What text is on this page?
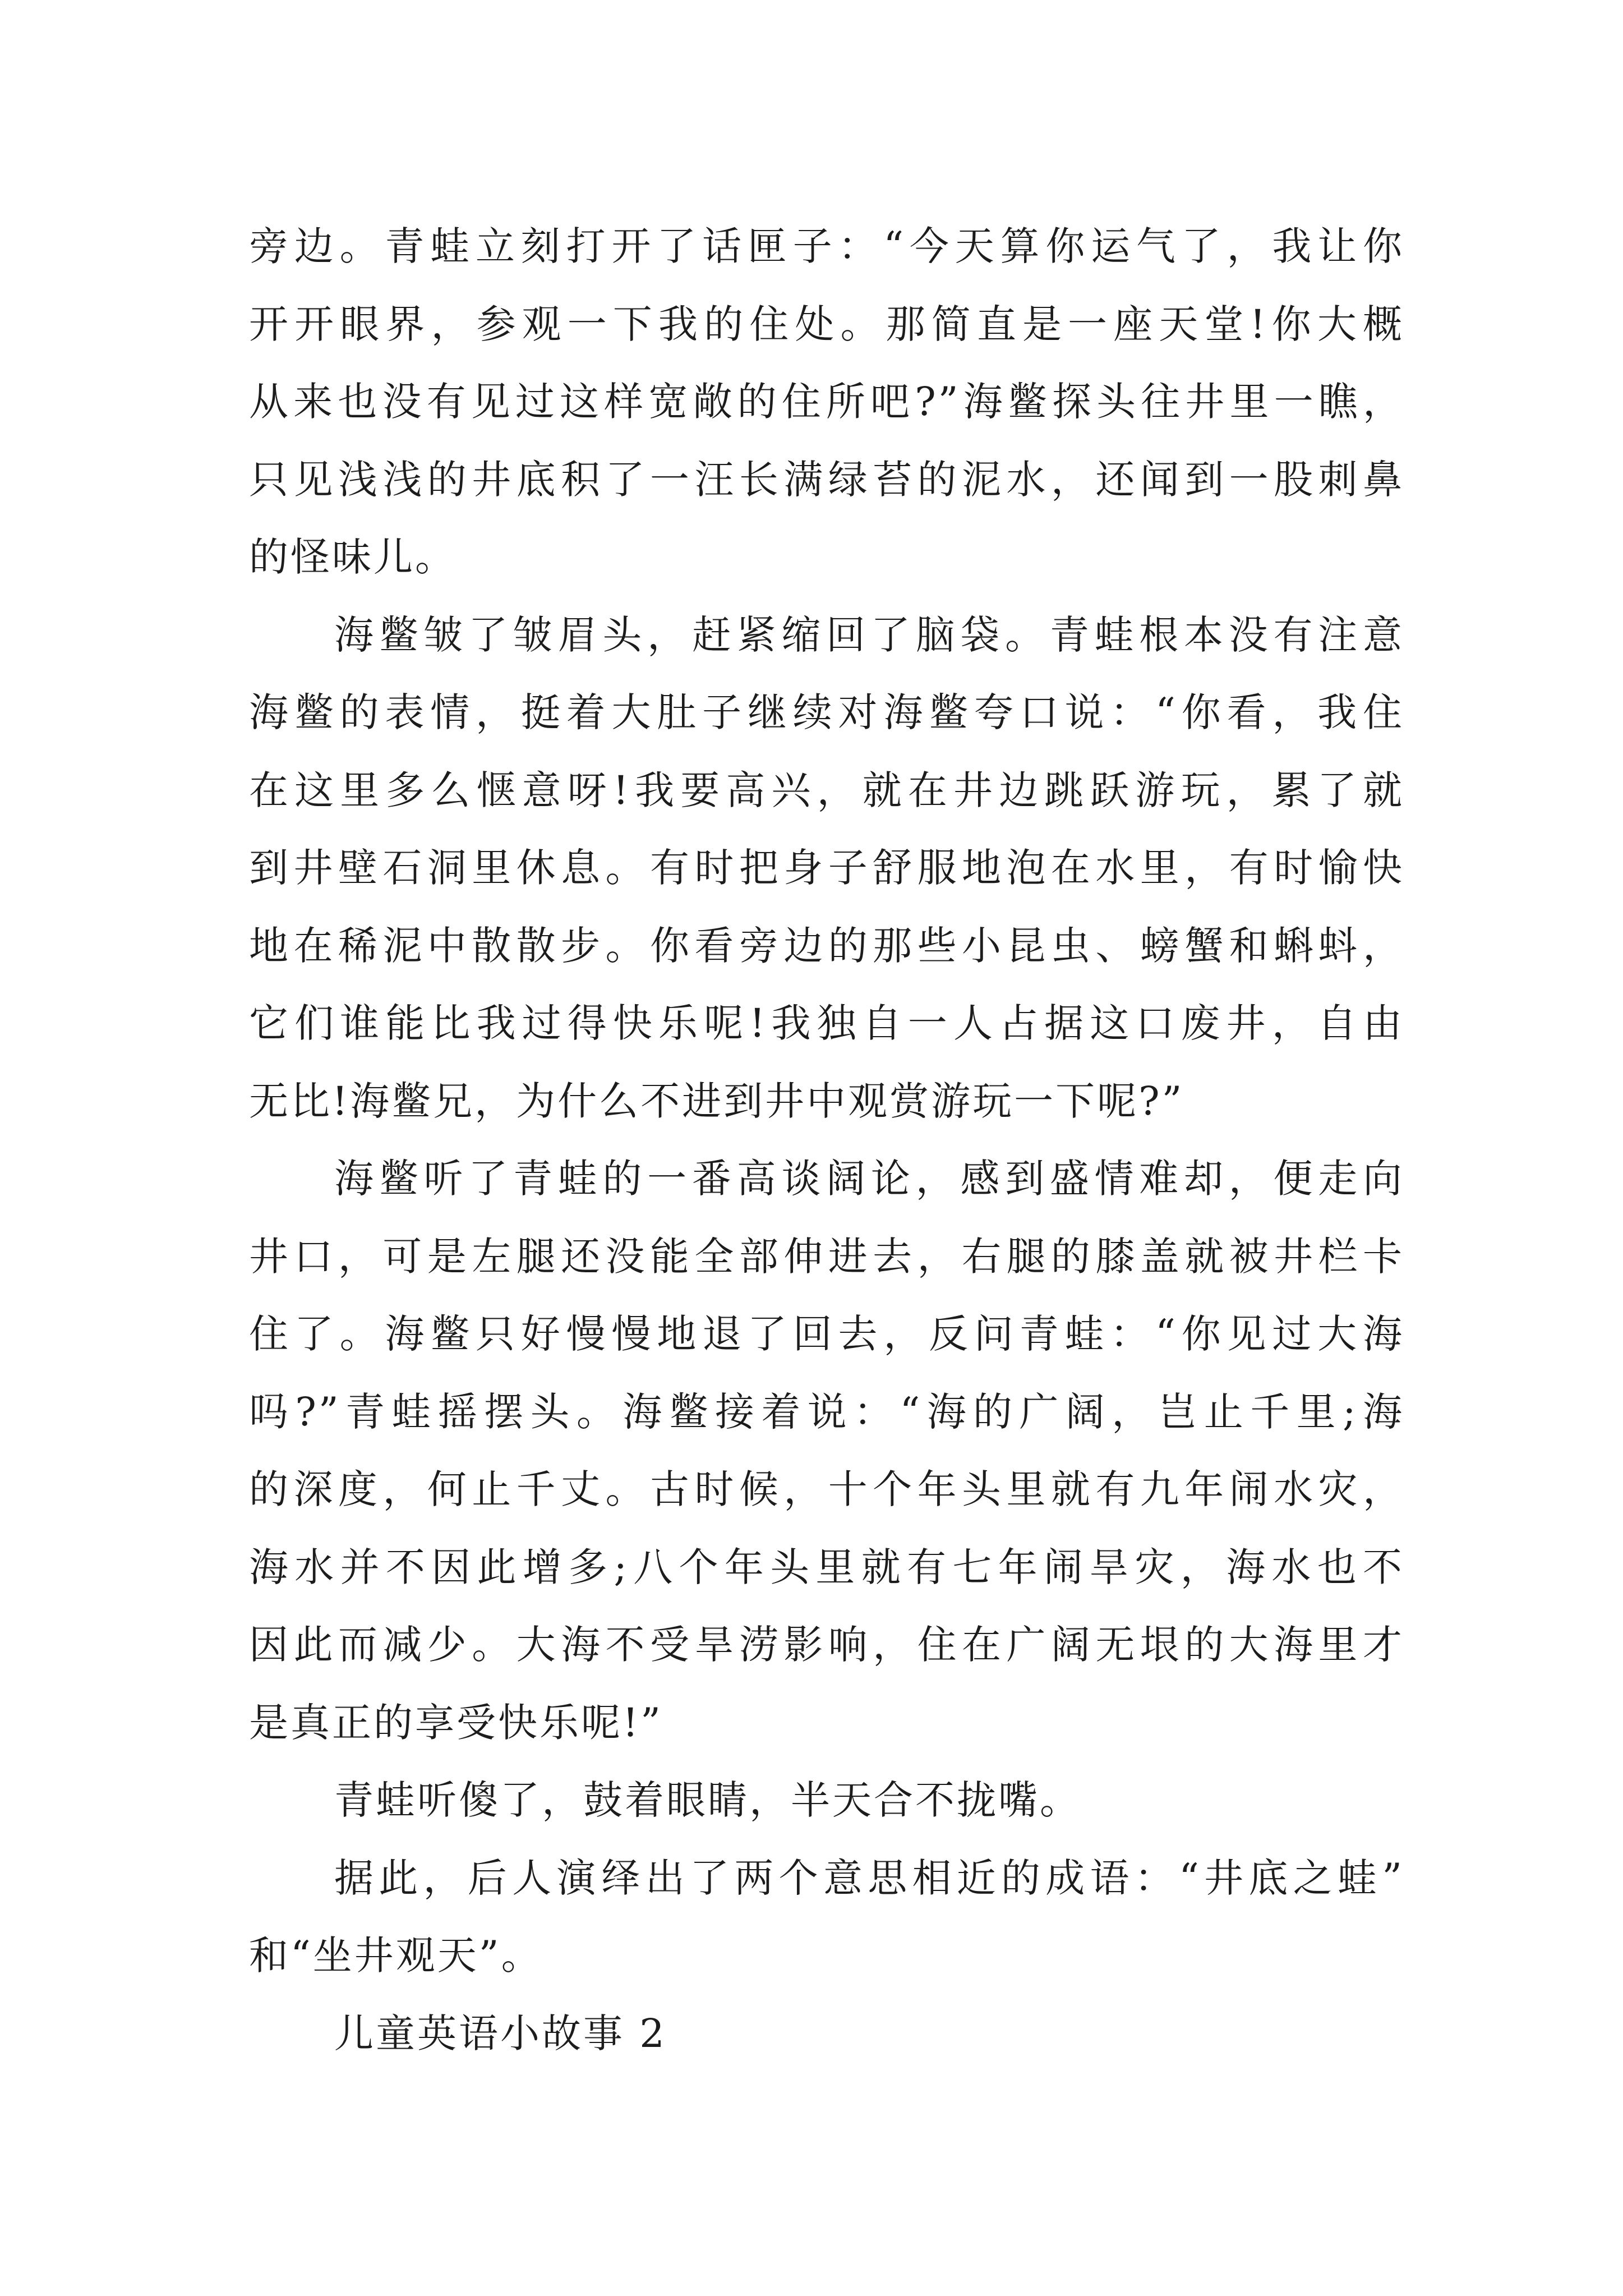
旁边。青蛙立刻打开了话匣子：“今天算你运气了，我让你
开开眼界，参观一下我的住处。那简直是一座天堂!你大概
从来也没有见过这样宽敞的住所吧?”海鳖探头往井里一瞧，
只见浅浅的井底积了一汪长满绿苔的泥水，还闻到一股刺鼻
的怪味儿。
海鳖皱了皱眉头，赶紧缩回了脑袋。青蛙根本没有注意
海鳖的表情，挺着大肚子继续对海鳖夸口说：“你看，我住
在这里多么惬意呀!我要高兴，就在井边跳跃游玩，累了就
到井壁石洞里休息。有时把身子舒服地泡在水里，有时愉快
地在稀泥中散散步。你看旁边的那些小昆虫、螃蟹和蝌蚪，
它们谁能比我过得快乐呢!我独自一人占据这口废井，自由
无比!海鳖兄，为什么不进到井中观赏游玩一下呢?”
海鳖听了青蛙的一番高谈阔论，感到盛情难却，便走向
井口，可是左腿还没能全部伸进去，右腿的膝盖就被井栏卡
住了。海鳖只好慢慢地退了回去，反问青蛙：“你见过大海
吗?”青蛙摇摆头。海鳖接着说：“海的广阔，岂止千里;海
的深度，何止千丈。古时候，十个年头里就有九年闹水灾，
海水并不因此增多;八个年头里就有七年闹旱灾，海水也不
因此而减少。大海不受旱涝影响，住在广阔无垠的大海里才
是真正的享受快乐呢!”
青蛙听傻了，鼓着眼睛，半天合不拢嘴。
据此，后人演绎出了两个意思相近的成语：“井底之蛙”
和“坐井观天”。
儿童英语小故事 2
